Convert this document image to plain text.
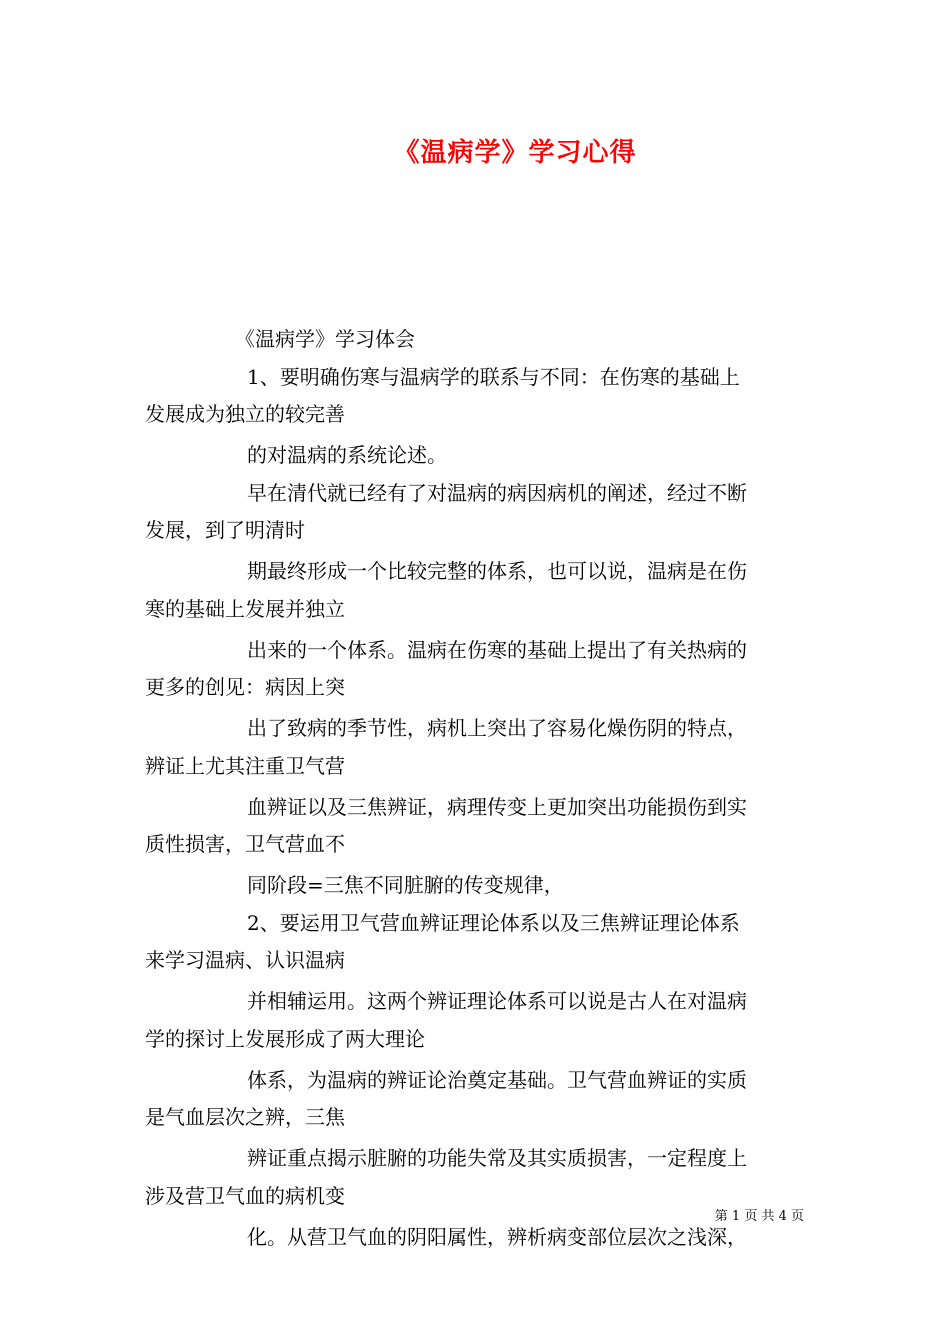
《温病学》学习心得
《温病学》学习体会
1、要明确伤寒与温病学的联系与不同：在伤寒的基础上
发展成为独立的较完善
的对温病的系统论述。
早在清代就已经有了对温病的病因病机的阐述，经过不断
发展，到了明清时
期最终形成一个比较完整的体系，也可以说，温病是在伤
寒的基础上发展并独立
出来的一个体系。温病在伤寒的基础上提出了有关热病的
更多的创见：病因上突
出了致病的季节性，病机上突出了容易化燥伤阴的特点，
辨证上尤其注重卫气营
血辨证以及三焦辨证，病理传变上更加突出功能损伤到实
质性损害，卫气营血不
同阶段=三焦不同脏腑的传变规律，
2、要运用卫气营血辨证理论体系以及三焦辨证理论体系
来学习温病、认识温病
并相辅运用。这两个辨证理论体系可以说是古人在对温病
学的探讨上发展形成了两大理论
体系，为温病的辨证论治奠定基础。卫气营血辨证的实质
是气血层次之辨，三焦
辨证重点揭示脏腑的功能失常及其实质损害，一定程度上
涉及营卫气血的病机变
化。从营卫气血的阴阳属性，辨析病变部位层次之浅深，
第 1 页 共 4 页
